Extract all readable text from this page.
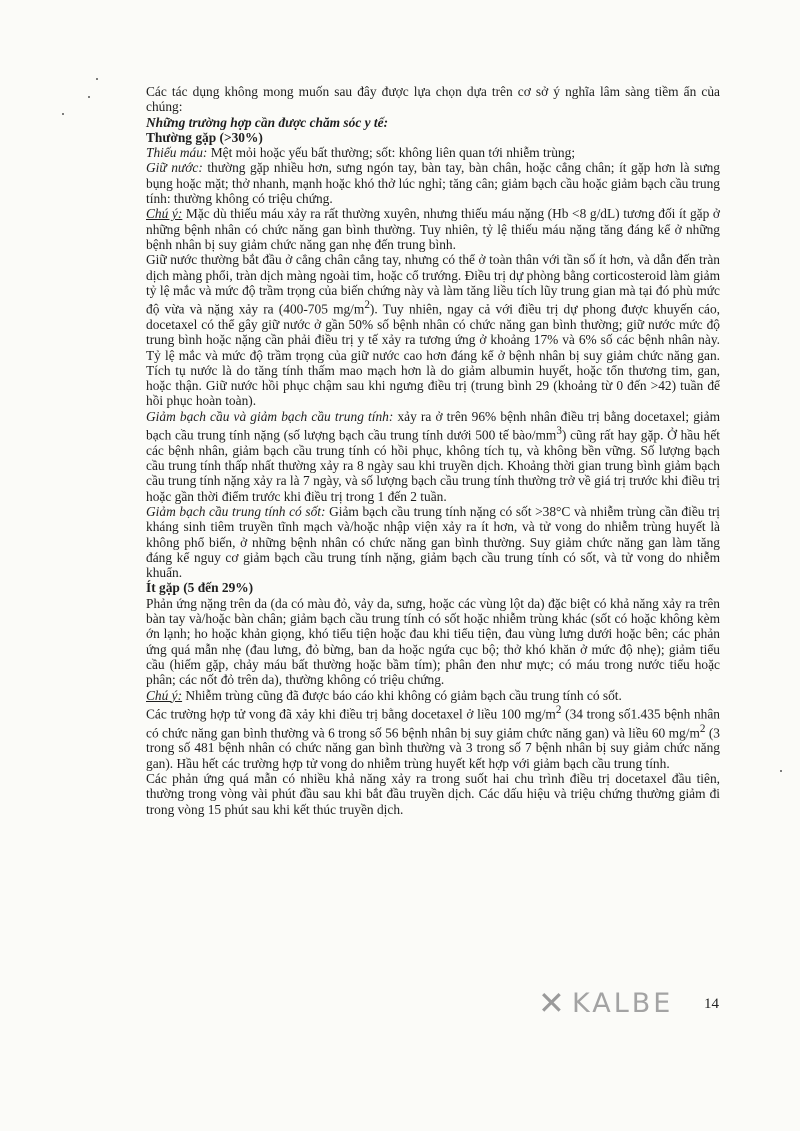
Các tác dụng không mong muốn sau đây được lựa chọn dựa trên cơ sở ý nghĩa lâm sàng tiềm ẩn của chúng:

Những trường hợp cần được chăm sóc y tế:

Thường gặp (>30%)

Thiếu máu: Mệt mỏi hoặc yếu bất thường; sốt: không liên quan tới nhiễm trùng;

Giữ nước: thường gặp nhiều hơn, sưng ngón tay, bàn tay, bàn chân, hoặc cẳng chân; ít gặp hơn là sưng bụng hoặc mặt; thở nhanh, mạnh hoặc khó thở lúc nghỉ; tăng cân; giảm bạch cầu hoặc giảm bạch cầu trung tính: thường không có triệu chứng.

Chú ý: Mặc dù thiếu máu xảy ra rất thường xuyên, nhưng thiếu máu nặng (Hb <8 g/dL) tương đối ít gặp ở những bệnh nhân có chức năng gan bình thường. Tuy nhiên, tỷ lệ thiếu máu nặng tăng đáng kể ở những bệnh nhân bị suy giảm chức năng gan nhẹ đến trung bình.

Giữ nước thường bắt đầu ở cẳng chân cẳng tay, nhưng có thể ở toàn thân với tần số ít hơn, và dẫn đến tràn dịch màng phổi, tràn dịch màng ngoài tim, hoặc cổ trướng. Điều trị dự phòng bằng corticosteroid làm giảm tỷ lệ mắc và mức độ trầm trọng của biến chứng này và làm tăng liều tích lũy trung gian mà tại đó phù mức độ vừa và nặng xảy ra (400-705 $mg/m^2$). Tuy nhiên, ngay cả với điều trị dự phong được khuyến cáo, docetaxel có thể gây giữ nước ở gần 50% số bệnh nhân có chức năng gan bình thường; giữ nước mức độ trung bình hoặc nặng cần phải điều trị y tế xảy ra tương ứng ở khoảng 17% và 6% số các bệnh nhân này. Tỷ lệ mắc và mức độ trầm trọng của giữ nước cao hơn đáng kể ở bệnh nhân bị suy giảm chức năng gan. Tích tụ nước là do tăng tính thấm mao mạch hơn là do giảm albumin huyết, hoặc tổn thương tim, gan, hoặc thận. Giữ nước hồi phục chậm sau khi ngưng điều trị (trung bình 29 (khoảng từ 0 đến >42) tuần để hồi phục hoàn toàn).

Giảm bạch cầu và giảm bạch cầu trung tính: xảy ra ở trên 96% bệnh nhân điều trị bằng docetaxel; giảm bạch cầu trung tính nặng (số lượng bạch cầu trung tính dưới 500 tế bào/$mm^3$) cũng rất hay gặp. Ở hầu hết các bệnh nhân, giảm bạch cầu trung tính có hồi phục, không tích tụ, và không bền vững. Số lượng bạch cầu trung tính thấp nhất thường xảy ra 8 ngày sau khi truyền dịch. Khoảng thời gian trung bình giảm bạch cầu trung tính nặng xảy ra là 7 ngày, và số lượng bạch cầu trung tính thường trở về giá trị trước khi điều trị hoặc gần thời điểm trước khi điều trị trong 1 đến 2 tuần.

Giảm bạch cầu trung tính có sốt: Giảm bạch cầu trung tính nặng có sốt >38°C và nhiễm trùng cần điều trị kháng sinh tiêm truyền tĩnh mạch và/hoặc nhập viện xảy ra ít hơn, và tử vong do nhiễm trùng huyết là không phổ biến, ở những bệnh nhân có chức năng gan bình thường. Suy giảm chức năng gan làm tăng đáng kể nguy cơ giảm bạch cầu trung tính nặng, giảm bạch cầu trung tính có sốt, và tử vong do nhiễm khuẩn.

Ít gặp (5 đến 29%)

Phản ứng nặng trên da (da có màu đỏ, vảy da, sưng, hoặc các vùng lột da) đặc biệt có khả năng xảy ra trên bàn tay và/hoặc bàn chân; giảm bạch cầu trung tính có sốt hoặc nhiễm trùng khác (sốt có hoặc không kèm ớn lạnh; ho hoặc khản giọng, khó tiểu tiện hoặc đau khi tiểu tiện, đau vùng lưng dưới hoặc bên; các phản ứng quá mẫn nhẹ (đau lưng, đỏ bừng, ban da hoặc ngứa cục bộ; thở khó khăn ở mức độ nhẹ); giảm tiểu cầu (hiếm gặp, chảy máu bất thường hoặc bầm tím); phân đen như mực; có máu trong nước tiểu hoặc phân; các nốt đỏ trên da), thường không có triệu chứng.

Chú ý: Nhiễm trùng cũng đã được báo cáo khi không có giảm bạch cầu trung tính có sốt.

Các trường hợp tử vong đã xảy khi điều trị bằng docetaxel ở liều 100 $mg/m^2$ (34 trong số1.435 bệnh nhân có chức năng gan bình thường và 6 trong số 56 bệnh nhân bị suy giảm chức năng gan) và liều 60 $mg/m^2$ (3 trong số 481 bệnh nhân có chức năng gan bình thường và 3 trong số 7 bệnh nhân bị suy giảm chức năng gan). Hầu hết các trường hợp tử vong do nhiễm trùng huyết kết hợp với giảm bạch cầu trung tính.

Các phản ứng quá mẫn có nhiều khả năng xảy ra trong suốt hai chu trình điều trị docetaxel đầu tiên, thường trong vòng vài phút đầu sau khi bắt đầu truyền dịch. Các dấu hiệu và triệu chứng thường giảm đi trong vòng 15 phút sau khi kết thúc truyền dịch.

✕ KALBE 14
